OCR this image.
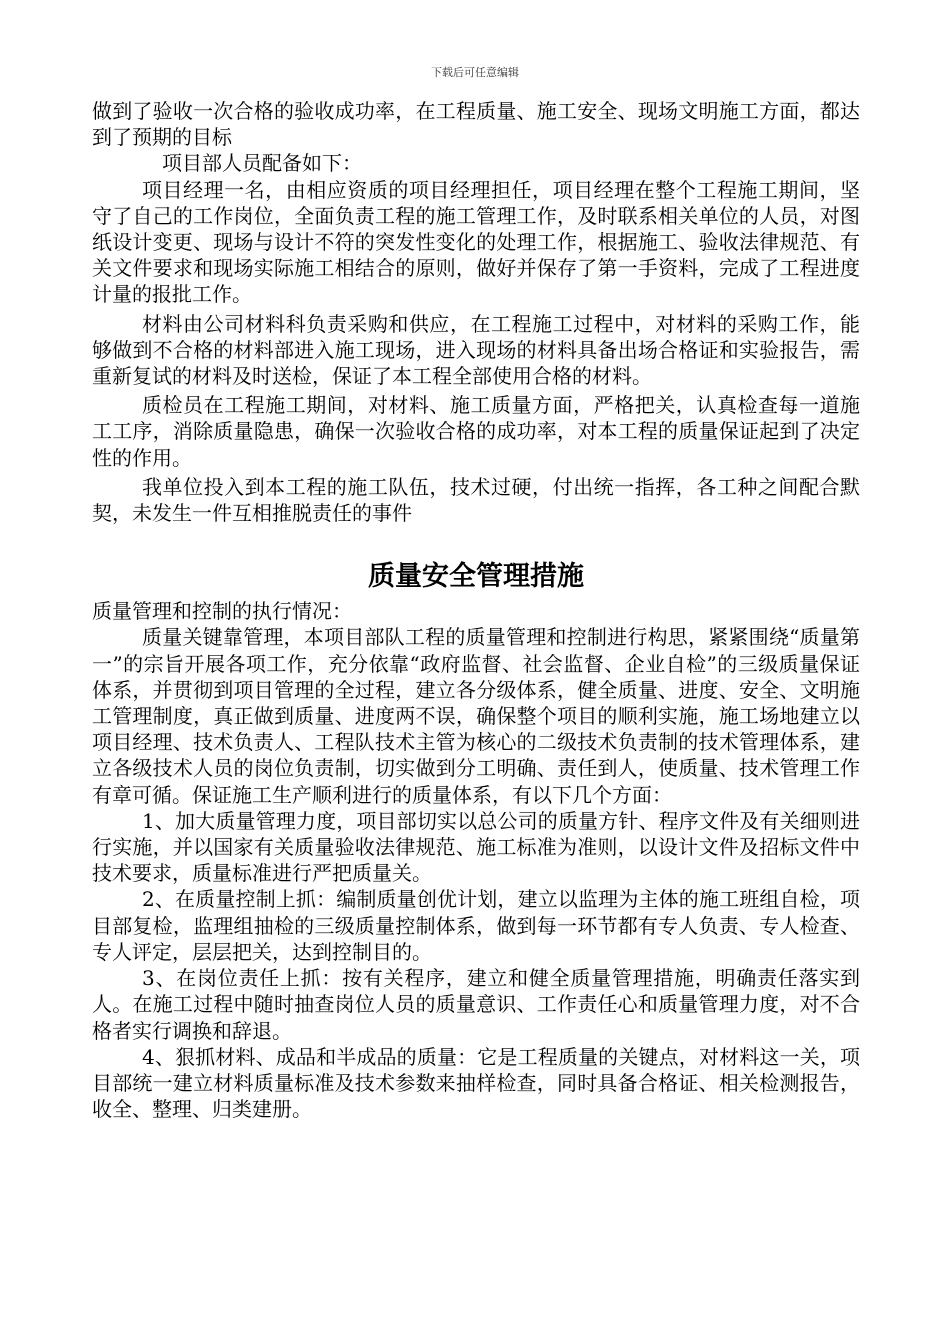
下载后可任意编辑

做到了验收一次合格的验收成功率，在工程质量、施工安全、现场文明施工方面，都达到了预期的目标

项目部人员配备如下：

项目经理一名，由相应资质的项目经理担任，项目经理在整个工程施工期间，坚守了自己的工作岗位，全面负责工程的施工管理工作，及时联系相关单位的人员，对图纸设计变更、现场与设计不符的突发性变化的处理工作，根据施工、验收法律规范、有关文件要求和现场实际施工相结合的原则，做好并保存了第一手资料，完成了工程进度计量的报批工作。

材料由公司材料科负责采购和供应，在工程施工过程中，对材料的采购工作，能够做到不合格的材料部进入施工现场，进入现场的材料具备出场合格证和实验报告，需重新复试的材料及时送检，保证了本工程全部使用合格的材料。

质检员在工程施工期间，对材料、施工质量方面，严格把关，认真检查每一道施工工序，消除质量隐患，确保一次验收合格的成功率，对本工程的质量保证起到了决定性的作用。

我单位投入到本工程的施工队伍，技术过硬，付出统一指挥，各工种之间配合默契，未发生一件互相推脱责任的事件

质量安全管理措施

质量管理和控制的执行情况：

质量关键靠管理，本项目部队工程的质量管理和控制进行构思，紧紧围绕“质量第一”的宗旨开展各项工作，充分依靠“政府监督、社会监督、企业自检”的三级质量保证体系，并贯彻到项目管理的全过程，建立各分级体系，健全质量、进度、安全、文明施工管理制度，真正做到质量、进度两不误，确保整个项目的顺利实施，施工场地建立以项目经理、技术负责人、工程队技术主管为核心的二级技术负责制的技术管理体系，建立各级技术人员的岗位负责制，切实做到分工明确、责任到人，使质量、技术管理工作有章可循。保证施工生产顺利进行的质量体系，有以下几个方面：

1、加大质量管理力度，项目部切实以总公司的质量方针、程序文件及有关细则进行实施，并以国家有关质量验收法律规范、施工标准为准则，以设计文件及招标文件中技术要求，质量标准进行严把质量关。

2、在质量控制上抓：编制质量创优计划，建立以监理为主体的施工班组自检，项目部复检，监理组抽检的三级质量控制体系，做到每一环节都有专人负责、专人检查、专人评定，层层把关，达到控制目的。

3、在岗位责任上抓：按有关程序，建立和健全质量管理措施，明确责任落实到人。在施工过程中随时抽查岗位人员的质量意识、工作责任心和质量管理力度，对不合格者实行调换和辞退。

4、狠抓材料、成品和半成品的质量：它是工程质量的关键点，对材料这一关，项目部统一建立材料质量标准及技术参数来抽样检查，同时具备合格证、相关检测报告，收全、整理、归类建册。
